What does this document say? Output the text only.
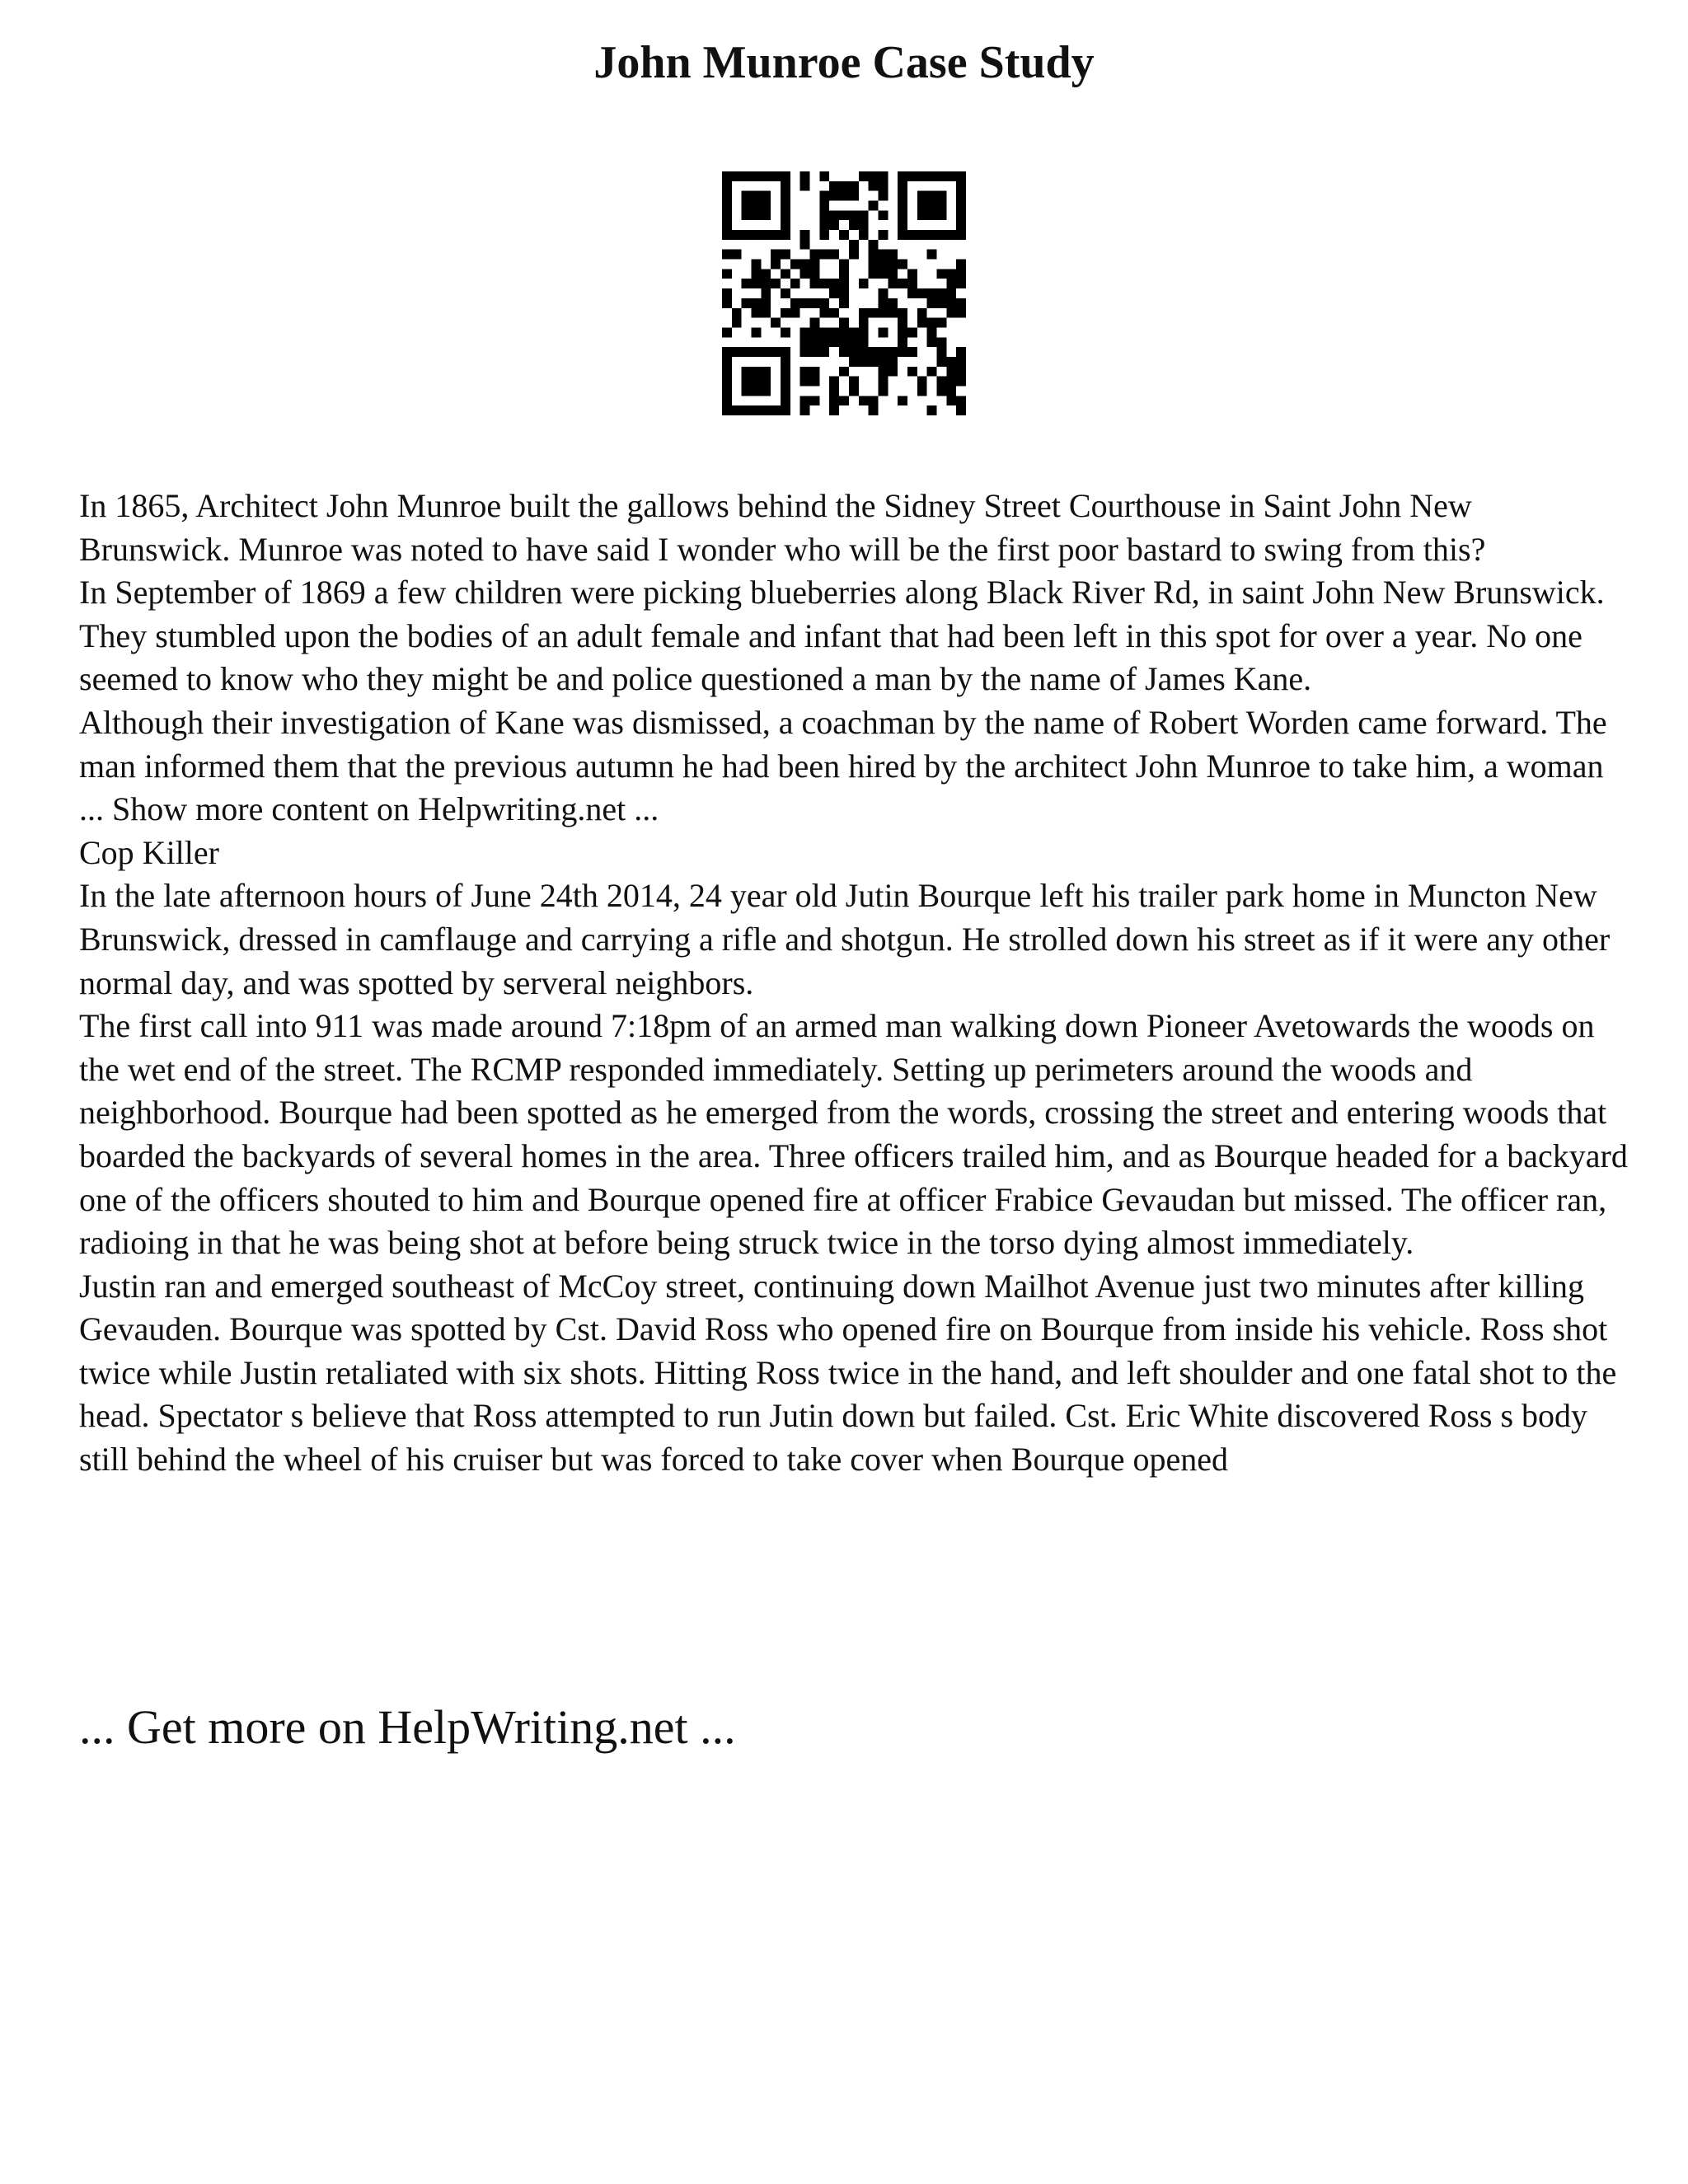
John Munroe Case Study

In 1865, Architect John Munroe built the gallows behind the Sidney Street Courthouse in Saint John New Brunswick. Munroe was noted to have said I wonder who will be the first poor bastard to swing from this?

In September of 1869 a few children were picking blueberries along Black River Rd, in saint John New Brunswick. They stumbled upon the bodies of an adult female and infant that had been left in this spot for over a year. No one seemed to know who they might be and police questioned a man by the name of James Kane.

Although their investigation of Kane was dismissed, a coachman by the name of Robert Worden came forward. The man informed them that the previous autumn he had been hired by the architect John Munroe to take him, a woman ... Show more content on Helpwriting.net ...

Cop Killer

In the late afternoon hours of June 24th 2014, 24 year old Jutin Bourque left his trailer park home in Muncton New Brunswick, dressed in camflauge and carrying a rifle and shotgun. He strolled down his street as if it were any other normal day, and was spotted by serveral neighbors.

The first call into 911 was made around 7:18pm of an armed man walking down Pioneer Avetowards the woods on the wet end of the street. The RCMP responded immediately. Setting up perimeters around the woods and neighborhood. Bourque had been spotted as he emerged from the words, crossing the street and entering woods that boarded the backyards of several homes in the area. Three officers trailed him, and as Bourque headed for a backyard one of the officers shouted to him and Bourque opened fire at officer Frabice Gevaudan but missed. The officer ran, radioing in that he was being shot at before being struck twice in the torso dying almost immediately.

Justin ran and emerged southeast of McCoy street, continuing down Mailhot Avenue just two minutes after killing Gevauden. Bourque was spotted by Cst. David Ross who opened fire on Bourque from inside his vehicle. Ross shot twice while Justin retaliated with six shots. Hitting Ross twice in the hand, and left shoulder and one fatal shot to the head. Spectator s believe that Ross attempted to run Jutin down but failed. Cst. Eric White discovered Ross s body still behind the wheel of his cruiser but was forced to take cover when Bourque opened

... Get more on HelpWriting.net ...
